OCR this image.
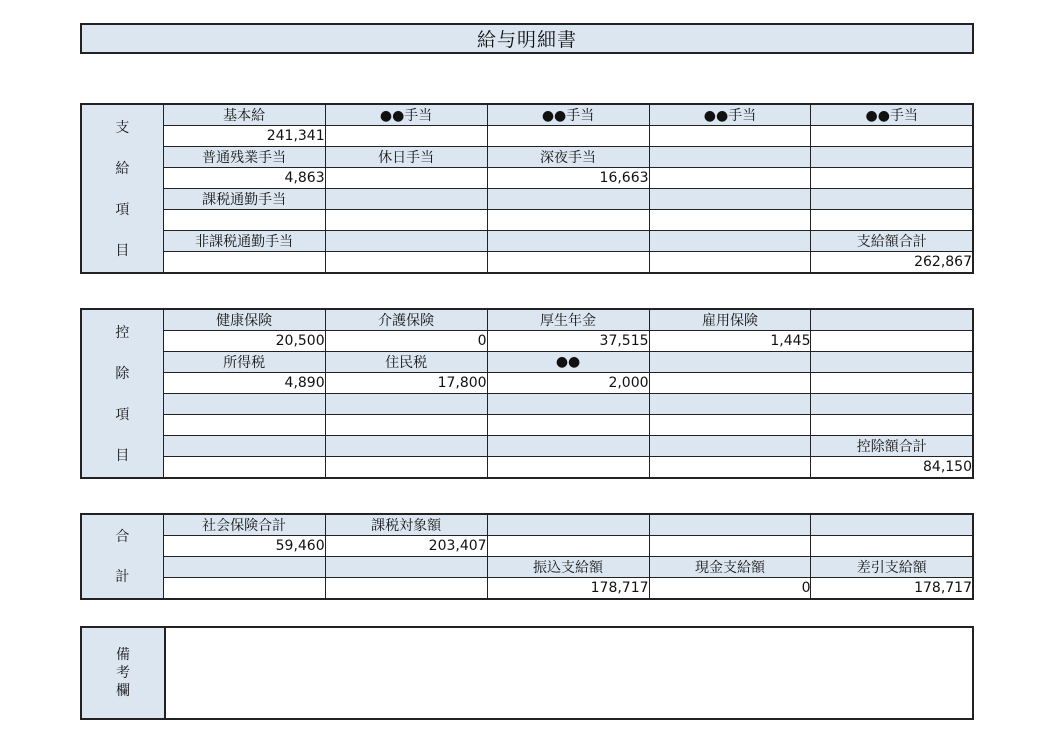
給与明細書
支
給
項
目	基本給	●●手当	●●手当	●●手当	●●手当
	241,341				
	普通残業手当	休日手当	深夜手当		
	4,863		16,663		
	課税通勤手当				

	非課税通勤手当				支給額合計
					262,867
控
除
項
目	健康保険	介護保険	厚生年金	雇用保険	
	20,500	0	37,515	1,445	
	所得税	住民税	●●		
	4,890	17,800	2,000		

					控除額合計
					84,150
合
計	社会保険合計	課税対象額			
	59,460	203,407			
			振込支給額	現金支給額	差引支給額
			178,717	0	178,717
備
考
欄
